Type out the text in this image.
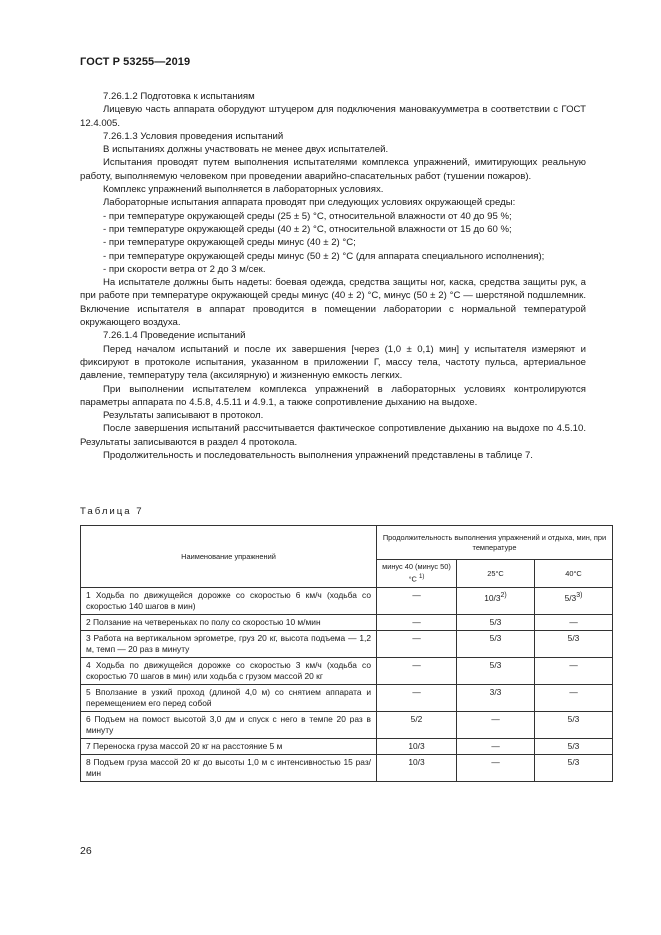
ГОСТ Р 53255—2019

7.26.1.2 Подготовка к испытаниям

Лицевую часть аппарата оборудуют штуцером для подключения мановакуумметра в соответствии с ГОСТ 12.4.005.

7.26.1.3 Условия проведения испытаний

В испытаниях должны участвовать не менее двух испытателей.

Испытания проводят путем выполнения испытателями комплекса упражнений, имитирующих реальную работу, выполняемую человеком при проведении аварийно-спасательных работ (тушении пожаров).

Комплекс упражнений выполняется в лабораторных условиях.

Лабораторные испытания аппарата проводят при следующих условиях окружающей среды:

- при температуре окружающей среды (25 ± 5) °С, относительной влажности от 40 до 95 %;

- при температуре окружающей среды (40 ± 2) °С, относительной влажности от 15 до 60 %;

- при температуре окружающей среды минус (40 ± 2) °С;

- при температуре окружающей среды минус (50 ± 2) °С (для аппарата специального исполнения);

- при скорости ветра от 2 до 3 м/сек.

На испытателе должны быть надеты: боевая одежда, средства защиты ног, каска, средства защиты рук, а при работе при температуре окружающей среды минус (40 ± 2) °С, минус (50 ± 2) °С — шерстяной подшлемник. Включение испытателя в аппарат проводится в помещении лаборатории с нормальной температурой окружающего воздуха.

7.26.1.4 Проведение испытаний

Перед началом испытаний и после их завершения [через (1,0 ± 0,1) мин] у испытателя измеряют и фиксируют в протоколе испытания, указанном в приложении Г, массу тела, частоту пульса, артериальное давление, температуру тела (аксилярную) и жизненную емкость легких.

При выполнении испытателем комплекса упражнений в лабораторных условиях контролируются параметры аппарата по 4.5.8, 4.5.11 и 4.9.1, а также сопротивление дыханию на выдохе.

Результаты записывают в протокол.

После завершения испытаний рассчитывается фактическое сопротивление дыханию на выдохе по 4.5.10. Результаты записываются в раздел 4 протокола.

Продолжительность и последовательность выполнения упражнений представлены в таблице 7.

Таблица 7
Наименование упражнений	Продолжительность выполнения упражнений и отдыха, мин, при температуре		
	минус 40 (минус 50) °С $^{1)}$	25°С	40°С
1 Ходьба по движущейся дорожке со скоростью 6 км/ч (ходьба со скоростью 140 шагов в мин)	—	10/3$^{2)}$	5/3$^{3)}$
2 Ползание на четвереньках по полу со скоростью 10 м/мин	—	5/3	—
3 Работа на вертикальном эргометре, груз 20 кг, высота подъема — 1,2 м, темп — 20 раз в минуту	—	5/3	5/3
4 Ходьба по движущейся дорожке со скоростью 3 км/ч (ходьба со скоростью 70 шагов в мин) или ходьба с грузом массой 20 кг	—	5/3	—
5 Вползание в узкий проход (длиной 4,0 м) со снятием аппарата и перемещением его перед собой	—	3/3	—
6 Подъем на помост высотой 3,0 дм и спуск с него в темпе 20 раз в минуту	5/2	—	5/3
7 Переноска груза массой 20 кг на расстояние 5 м	10/3	—	5/3
8 Подъем груза массой 20 кг до высоты 1,0 м с интенсивностью 15 раз/мин	10/3	—	5/3
26
